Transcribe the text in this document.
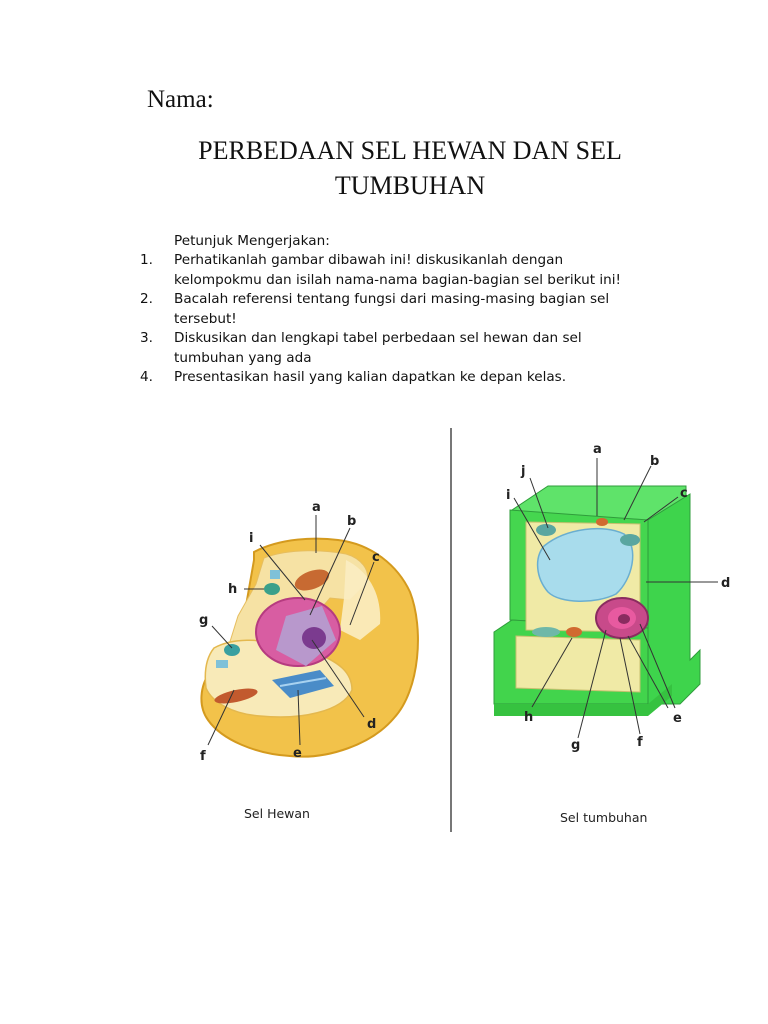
Nama:
PERBEDAAN SEL HEWAN DAN SEL
TUMBUHAN
Petunjuk Mengerjakan:
1. Perhatikanlah gambar dibawah ini! diskusikanlah dengan
kelompokmu dan isilah nama-nama bagian-bagian sel berikut ini!
2. Bacalah referensi tentang fungsi dari masing-masing bagian sel
tersebut!
3. Diskusikan dan lengkapi tabel perbedaan sel hewan dan sel
tumbuhan yang ada
4. Presentasikan hasil yang kalian dapatkan ke depan kelas.
a
b
c
d
e
f
g
h
i
Sel Hewan
a
b
c
d
e
f
g
h
i
j
Sel tumbuhan
